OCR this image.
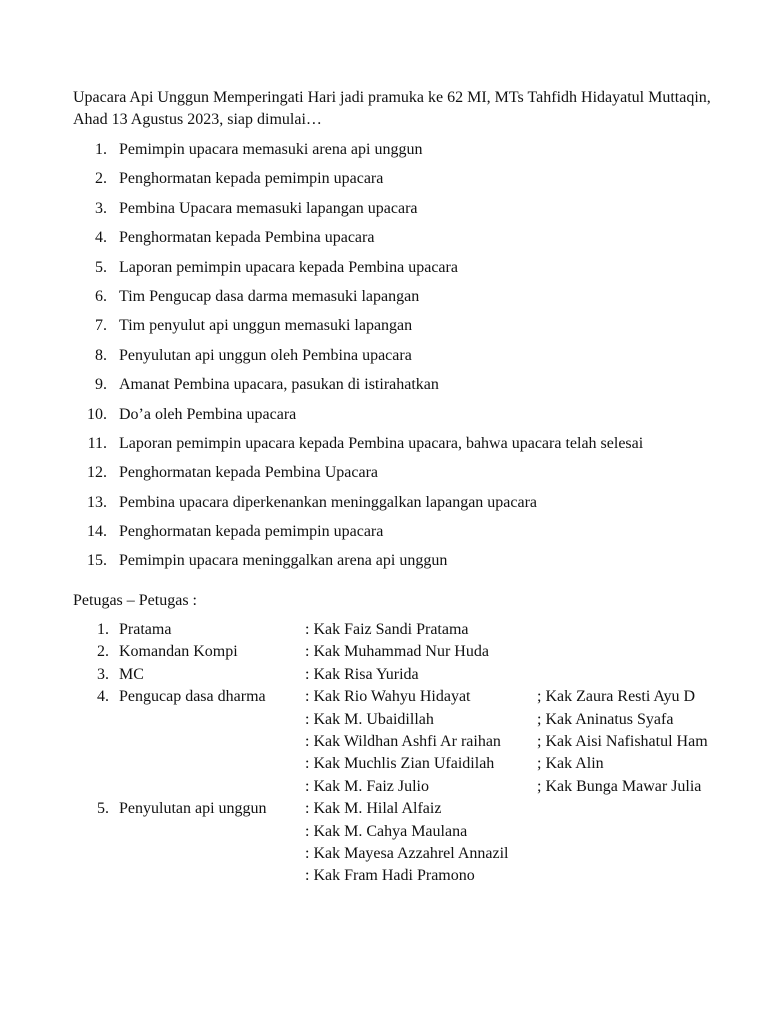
Upacara Api Unggun Memperingati Hari jadi pramuka ke 62 MI, MTs Tahfidh Hidayatul Muttaqin, Ahad 13 Agustus 2023, siap dimulai…

1. Pemimpin upacara memasuki arena api unggun
2. Penghormatan kepada pemimpin upacara
3. Pembina Upacara memasuki lapangan upacara
4. Penghormatan kepada Pembina upacara
5. Laporan pemimpin upacara kepada Pembina upacara
6. Tim Pengucap dasa darma memasuki lapangan
7. Tim penyulut api unggun memasuki lapangan
8. Penyulutan api unggun oleh Pembina upacara
9. Amanat Pembina upacara, pasukan di istirahatkan
10. Do’a oleh Pembina upacara
11. Laporan pemimpin upacara kepada Pembina upacara, bahwa upacara telah selesai
12. Penghormatan kepada Pembina Upacara
13. Pembina upacara diperkenankan meninggalkan lapangan upacara
14. Penghormatan kepada pemimpin upacara
15. Pemimpin upacara meninggalkan arena api unggun

Petugas – Petugas :

1. Pratama	: Kak Faiz Sandi Pratama
2. Komandan Kompi	: Kak Muhammad Nur Huda
3. MC	: Kak Risa Yurida
4. Pengucap dasa dharma : Kak Rio Wahyu Hidayat	; Kak Zaura Resti Ayu D
: Kak M. Ubaidillah	; Kak Aninatus Syafa
: Kak Wildhan Ashfi Ar raihan ; Kak Aisi Nafishatul Ham
: Kak Muchlis Zian Ufaidilah	; Kak Alin
: Kak M. Faiz Julio	; Kak Bunga Mawar Julia
5. Penyulutan api unggun : Kak M. Hilal Alfaiz
: Kak M. Cahya Maulana
: Kak Mayesa Azzahrel Annazil
: Kak Fram Hadi Pramono
